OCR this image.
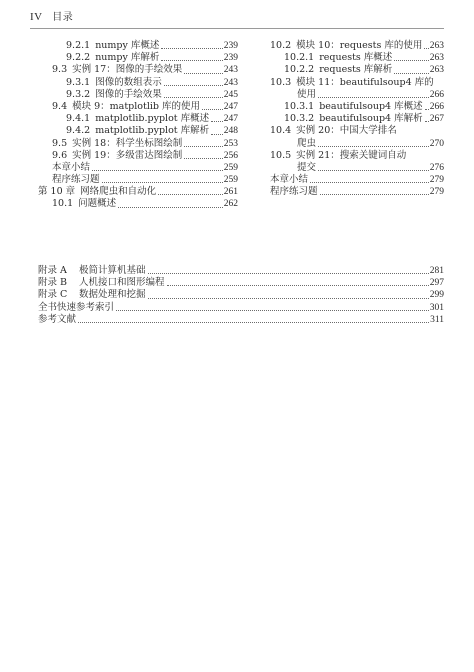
IV 目录
9.2.1 numpy 库概述	239
9.2.2 numpy 库解析	239
9.3 实例 17：图像的手绘效果	243
9.3.1 图像的数组表示	243
9.3.2 图像的手绘效果	245
9.4 模块 9：matplotlib 库的使用	247
9.4.1 matplotlib.pyplot 库概述 247
9.4.2 matplotlib.pyplot 库解析 248
9.5 实例 18：科学坐标图绘制	253
9.6 实例 19：多级雷达图绘制	256
本章小结	259
程序练习题	259
第 10 章 网络爬虫和自动化	261
10.1 问题概述	262
10.2 模块 10：requests 库的使用 263
10.2.1 requests 库概述	263
10.2.2 requests 库解析	263
10.3 模块 11：beautifulsoup4 库的
使用	266
10.3.1 beautifulsoup4 库概述 266
10.3.2 beautifulsoup4 库解析 267
10.4 实例 20：中国大学排名
爬虫	270
10.5 实例 21：搜索关键词自动
提交	276
本章小结	279
程序练习题	279
附录 A	极简计算机基础	281
附录 B	人机接口和图形编程	297
附录 C	数据处理和挖掘	299
全书快速参考索引	301
参考文献	311
